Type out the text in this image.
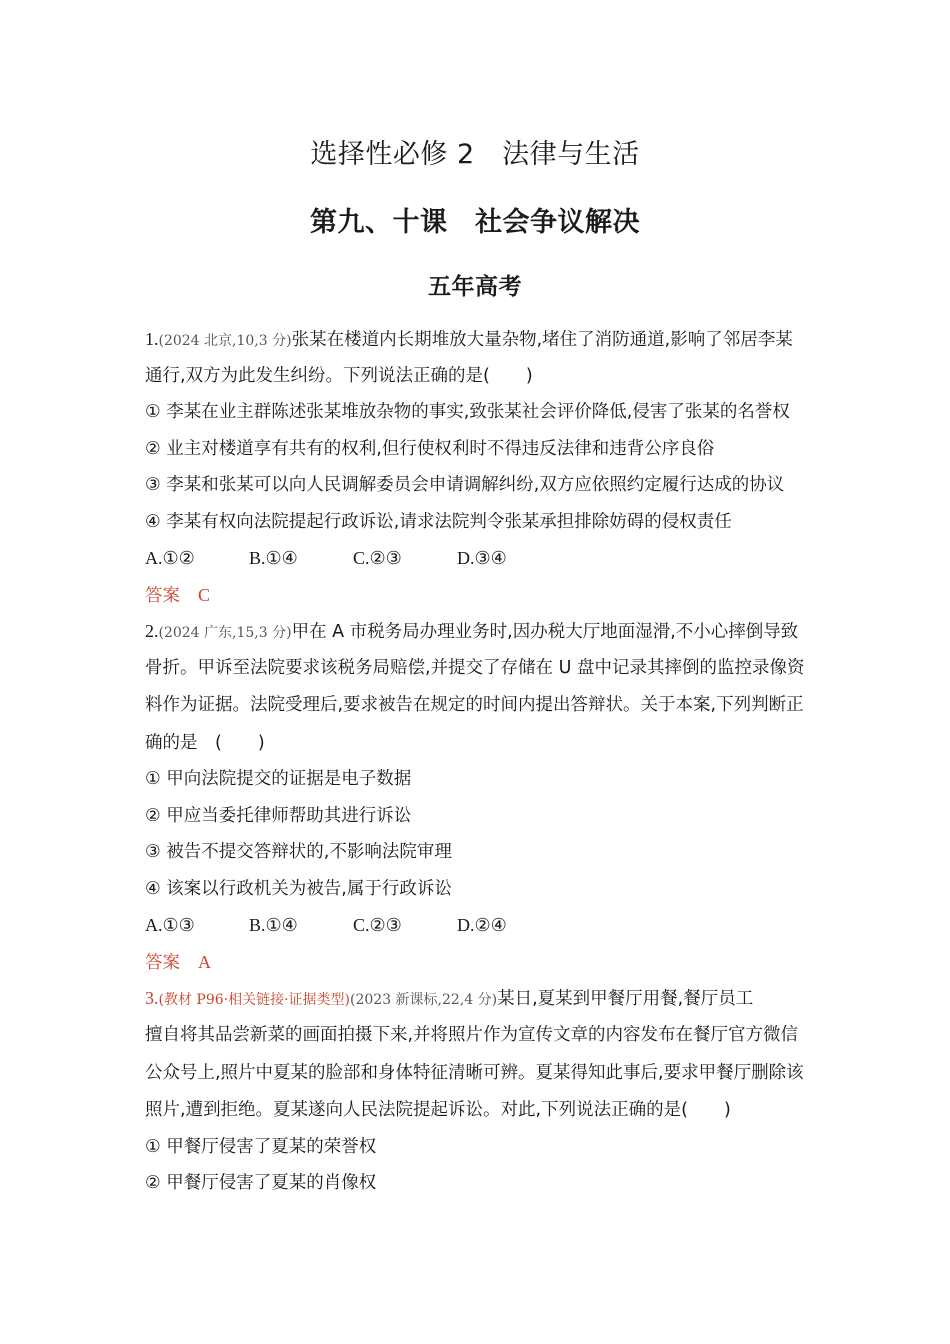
选择性必修 2　法律与生活
第九、十课　社会争议解决
五年高考
1.(2024 北京,10,3 分)张某在楼道内长期堆放大量杂物,堵住了消防通道,影响了邻居李某
通行,双方为此发生纠纷。下列说法正确的是( )
① 李某在业主群陈述张某堆放杂物的事实,致张某社会评价降低,侵害了张某的名誉权
② 业主对楼道享有共有的权利,但行使权利时不得违反法律和违背公序良俗
③ 李某和张某可以向人民调解委员会申请调解纠纷,双方应依照约定履行达成的协议
④ 李某有权向法院提起行政诉讼,请求法院判令张某承担排除妨碍的侵权责任
A.①②	B.①④	C.②③	D.③④
答案 C
2.(2024 广东,15,3 分)甲在 A 市税务局办理业务时,因办税大厅地面湿滑,不小心摔倒导致
骨折。甲诉至法院要求该税务局赔偿,并提交了存储在 U 盘中记录其摔倒的监控录像资
料作为证据。法院受理后,要求被告在规定的时间内提出答辩状。关于本案,下列判断正
确的是　( )
① 甲向法院提交的证据是电子数据
② 甲应当委托律师帮助其进行诉讼
③ 被告不提交答辩状的,不影响法院审理
④ 该案以行政机关为被告,属于行政诉讼
A.①③	B.①④	C.②③	D.②④
答案 A
3.(教材 P96·相关链接·证据类型)(2023 新课标,22,4 分)某日,夏某到甲餐厅用餐,餐厅员工
擅自将其品尝新菜的画面拍摄下来,并将照片作为宣传文章的内容发布在餐厅官方微信
公众号上,照片中夏某的脸部和身体特征清晰可辨。夏某得知此事后,要求甲餐厅删除该
照片,遭到拒绝。夏某遂向人民法院提起诉讼。对此,下列说法正确的是( )
① 甲餐厅侵害了夏某的荣誉权
② 甲餐厅侵害了夏某的肖像权
